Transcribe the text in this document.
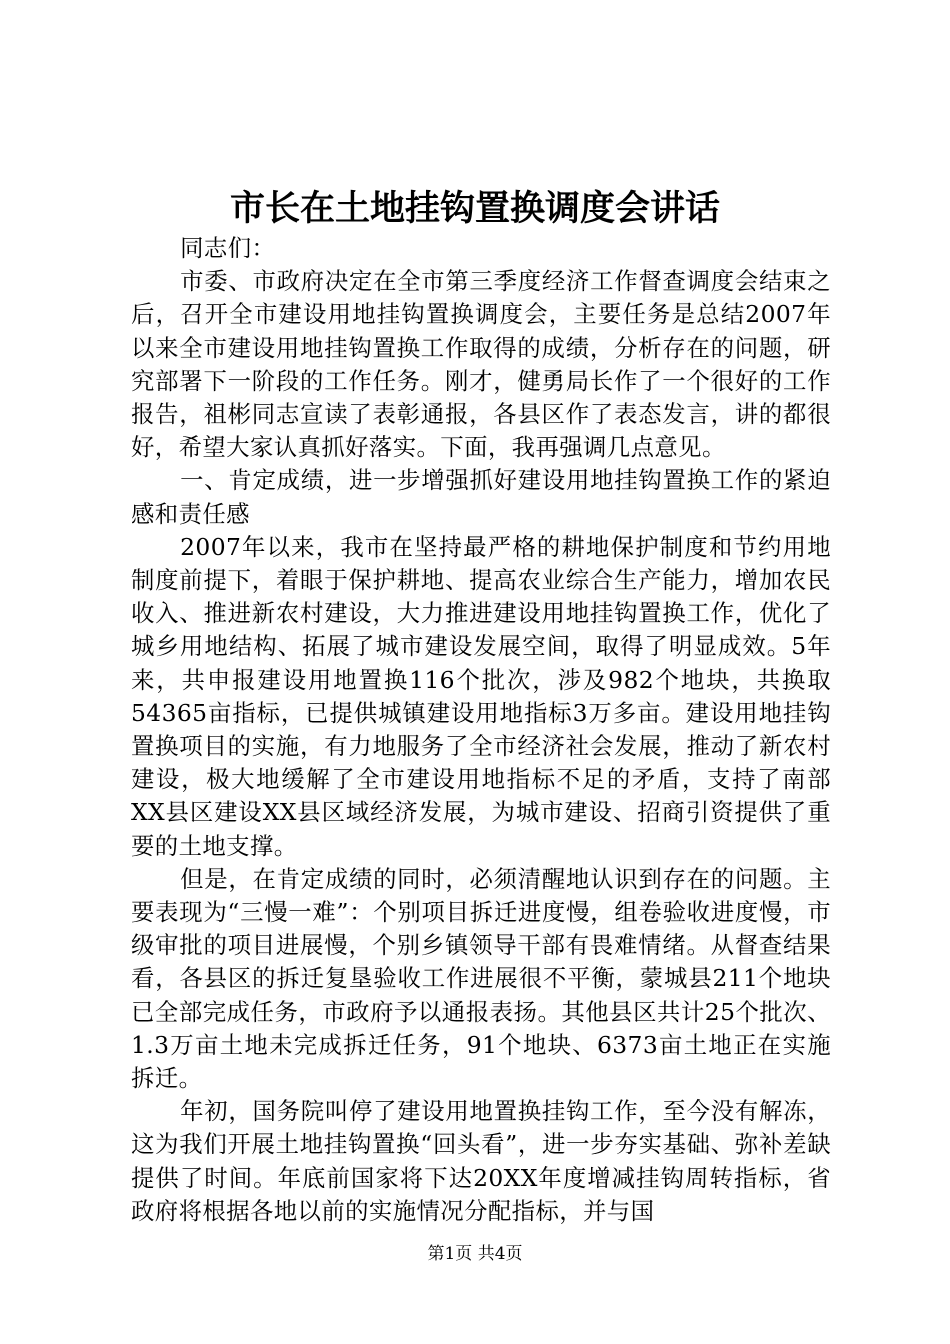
市长在土地挂钩置换调度会讲话

同志们：

市委、市政府决定在全市第三季度经济工作督查调度会结束之后，召开全市建设用地挂钩置换调度会，主要任务是总结2007年以来全市建设用地挂钩置换工作取得的成绩，分析存在的问题，研究部署下一阶段的工作任务。刚才，健勇局长作了一个很好的工作报告，祖彬同志宣读了表彰通报，各县区作了表态发言，讲的都很好，希望大家认真抓好落实。下面，我再强调几点意见。

一、肯定成绩，进一步增强抓好建设用地挂钩置换工作的紧迫感和责任感

2007年以来，我市在坚持最严格的耕地保护制度和节约用地制度前提下，着眼于保护耕地、提高农业综合生产能力，增加农民收入、推进新农村建设，大力推进建设用地挂钩置换工作，优化了城乡用地结构、拓展了城市建设发展空间，取得了明显成效。5年来，共申报建设用地置换116个批次，涉及982个地块，共换取54365亩指标，已提供城镇建设用地指标3万多亩。建设用地挂钩置换项目的实施，有力地服务了全市经济社会发展，推动了新农村建设，极大地缓解了全市建设用地指标不足的矛盾，支持了南部XX县区建设XX县区域经济发展，为城市建设、招商引资提供了重要的土地支撑。

但是，在肯定成绩的同时，必须清醒地认识到存在的问题。主要表现为“三慢一难”：个别项目拆迁进度慢，组卷验收进度慢，市级审批的项目进展慢，个别乡镇领导干部有畏难情绪。从督查结果看，各县区的拆迁复垦验收工作进展很不平衡，蒙城县211个地块已全部完成任务，市政府予以通报表扬。其他县区共计25个批次、1.3万亩土地未完成拆迁任务，91个地块、6373亩土地正在实施拆迁。

年初，国务院叫停了建设用地置换挂钩工作，至今没有解冻，这为我们开展土地挂钩置换“回头看”，进一步夯实基础、弥补差缺提供了时间。年底前国家将下达20XX年度增减挂钩周转指标，省政府将根据各地以前的实施情况分配指标，并与国

第1页 共4页
